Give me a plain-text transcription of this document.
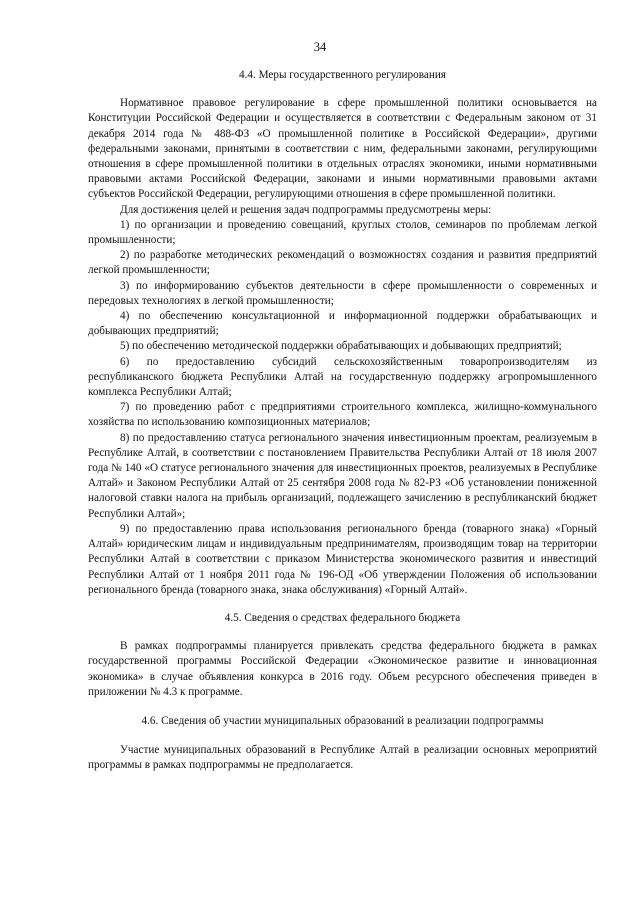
34
4.4. Меры государственного регулирования

Нормативное правовое регулирование в сфере промышленной политики основывается на Конституции Российской Федерации и осуществляется в соответствии с Федеральным законом от 31 декабря 2014 года № 488-ФЗ «О промышленной политике в Российской Федерации», другими федеральными законами, принятыми в соответствии с ним, федеральными законами, регулирующими отношения в сфере промышленной политики в отдельных отраслях экономики, иными нормативными правовыми актами Российской Федерации, законами и иными нормативными правовыми актами субъектов Российской Федерации, регулирующими отношения в сфере промышленной политики.

Для достижения целей и решения задач подпрограммы предусмотрены меры:

1) по организации и проведению совещаний, круглых столов, семинаров по проблемам легкой промышленности;

2) по разработке методических рекомендаций о возможностях создания и развития предприятий легкой промышленности;

3) по информированию субъектов деятельности в сфере промышленности о современных и передовых технологиях в легкой промышленности;

4) по обеспечению консультационной и информационной поддержки обрабатывающих и добывающих предприятий;

5) по обеспечению методической поддержки обрабатывающих и добывающих предприятий;

6) по предоставлению субсидий сельскохозяйственным товаропроизводителям из республиканского бюджета Республики Алтай на государственную поддержку агропромышленного комплекса Республики Алтай;

7) по проведению работ с предприятиями строительного комплекса, жилищно-коммунального хозяйства по использованию композиционных материалов;

8) по предоставлению статуса регионального значения инвестиционным проектам, реализуемым в Республике Алтай, в соответствии с постановлением Правительства Республики Алтай от 18 июля 2007 года № 140 «О статусе регионального значения для инвестиционных проектов, реализуемых в Республике Алтай» и Законом Республики Алтай от 25 сентября 2008 года № 82-РЗ «Об установлении пониженной налоговой ставки налога на прибыль организаций, подлежащего зачислению в республиканский бюджет Республики Алтай»;

9) по предоставлению права использования регионального бренда (товарного знака) «Горный Алтай» юридическим лицам и индивидуальным предпринимателям, производящим товар на территории Республики Алтай в соответствии с приказом Министерства экономического развития и инвестиций Республики Алтай от 1 ноября 2011 года № 196-ОД «Об утверждении Положения об использовании регионального бренда (товарного знака, знака обслуживания) «Горный Алтай».

4.5. Сведения о средствах федерального бюджета

В рамках подпрограммы планируется привлекать средства федерального бюджета в рамках государственной программы Российской Федерации «Экономическое развитие и инновационная экономика» в случае объявления конкурса в 2016 году. Объем ресурсного обеспечения приведен в приложении № 4.3 к программе.

4.6. Сведения об участии муниципальных образований в реализации подпрограммы

Участие муниципальных образований в Республике Алтай в реализации основных мероприятий программы в рамках подпрограммы не предполагается.
